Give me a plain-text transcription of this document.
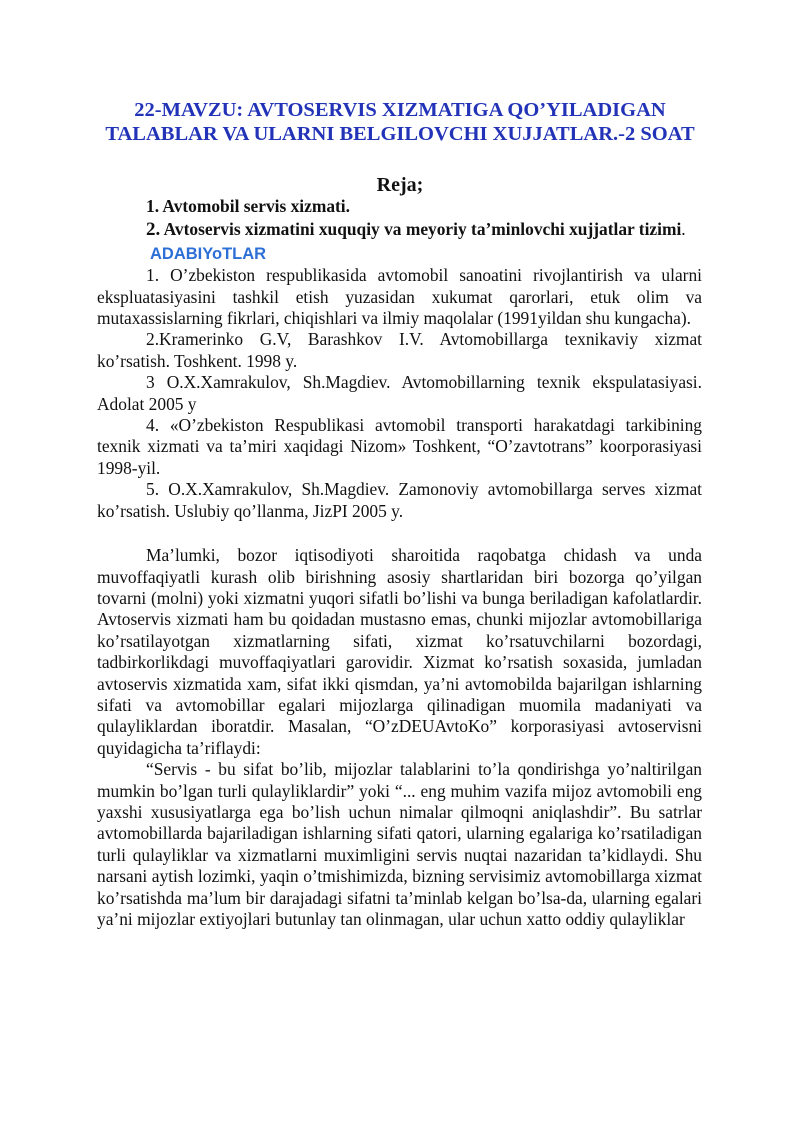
22-MAVZU: AVTOSERVIS XIZMATIGA QO’YILADIGAN TALABLAR VA ULARNI BELGILOVCHI XUJJATLAR.-2 SOAT
Reja;

1. Avtomobil servis xizmati.

2. Avtoservis xizmatini xuquqiy va meyoriy ta’minlovchi xujjatlar tizimi.

ADABIYoTLAR

1. O’zbekiston respublikasida avtomobil sanoatini rivojlantirish va ularni ekspluatasiyasini tashkil etish yuzasidan xukumat qarorlari, etuk olim va mutaxassislarning fikrlari, chiqishlari va ilmiy maqolalar (1991yildan shu kungacha).

2.Kramerinko G.V, Barashkov I.V. Avtomobillarga texnikaviy xizmat ko’rsatish. Toshkent. 1998 y.

3 O.X.Xamrakulov, Sh.Magdiev. Avtomobillarning texnik ekspulatasiyasi. Adolat 2005 y

4. «O’zbekiston Respublikasi avtomobil transporti harakatdagi tarkibining texnik xizmati va ta’miri xaqidagi Nizom» Toshkent, “O’zavtotrans” koorporasiyasi 1998-yil.

5. O.X.Xamrakulov, Sh.Magdiev. Zamonoviy avtomobillarga serves xizmat ko’rsatish. Uslubiy qo’llanma, JizPI 2005 y.

Ma’lumki, bozor iqtisodiyoti sharoitida raqobatga chidash va unda muvoffaqiyatli kurash olib birishning asosiy shartlaridan biri bozorga qo’yilgan tovarni (molni) yoki xizmatni yuqori sifatli bo’lishi va bunga beriladigan kafolatlardir. Avtoservis xizmati ham bu qoidadan mustasno emas, chunki mijozlar avtomobillariga ko’rsatilayotgan xizmatlarning sifati, xizmat ko’rsatuvchilarni bozordagi, tadbirkorlikdagi muvoffaqiyatlari garovidir. Xizmat ko’rsatish soxasida, jumladan avtoservis xizmatida xam, sifat ikki qismdan, ya’ni avtomobilda bajarilgan ishlarning sifati va avtomobillar egalari mijozlarga qilinadigan muomila madaniyati va qulayliklardan iboratdir. Masalan, “O’zDEUAvtoKo” korporasiyasi avtoservisni quyidagicha ta’riflaydi:

“Servis - bu sifat bo’lib, mijozlar talablarini to’la qondirishga yo’naltirilgan mumkin bo’lgan turli qulayliklardir” yoki “... eng muhim vazifa mijoz avtomobili eng yaxshi xususiyatlarga ega bo’lish uchun nimalar qilmoqni aniqlashdir”. Bu satrlar avtomobillarda bajariladigan ishlarning sifati qatori, ularning egalariga ko’rsatiladigan turli qulayliklar va xizmatlarni muximligini servis nuqtai nazaridan ta’kidlaydi. Shu narsani aytish lozimki, yaqin o’tmishimizda, bizning servisimiz avtomobillarga xizmat ko’rsatishda ma’lum bir darajadagi sifatni ta’minlab kelgan bo’lsa-da, ularning egalari ya’ni mijozlar extiyojlari butunlay tan olinmagan, ular uchun xatto oddiy qulayliklar
